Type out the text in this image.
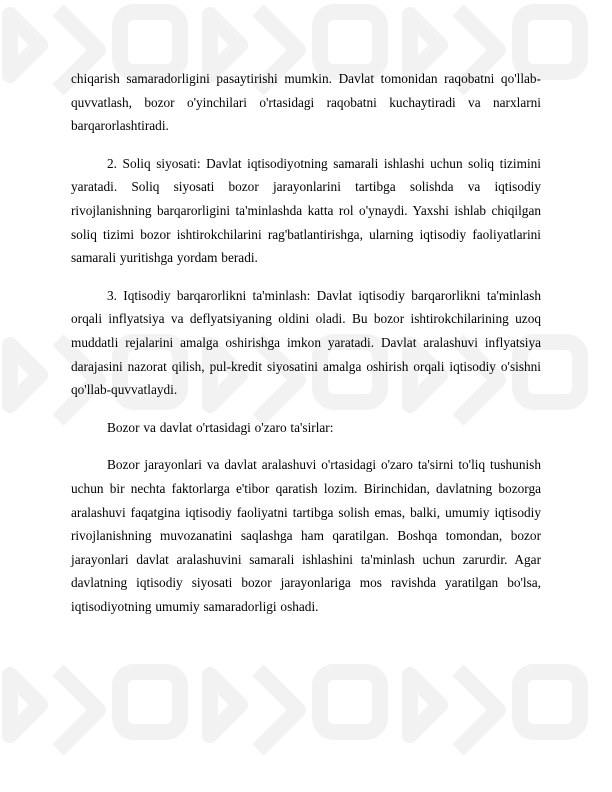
chiqarish samaradorligini pasaytirishi mumkin. Davlat tomonidan raqobatni qo'llab-quvvatlash, bozor o'yinchilari o'rtasidagi raqobatni kuchaytiradi va narxlarni barqarorlashtiradi.

2. Soliq siyosati: Davlat iqtisodiyotning samarali ishlashi uchun soliq tizimini yaratadi. Soliq siyosati bozor jarayonlarini tartibga solishda va iqtisodiy rivojlanishning barqarorligini ta'minlashda katta rol o'ynaydi. Yaxshi ishlab chiqilgan soliq tizimi bozor ishtirokchilarini rag'batlantirishga, ularning iqtisodiy faoliyatlarini samarali yuritishga yordam beradi.

3. Iqtisodiy barqarorlikni ta'minlash: Davlat iqtisodiy barqarorlikni ta'minlash orqali inflyatsiya va deflyatsiyaning oldini oladi. Bu bozor ishtirokchilarining uzoq muddatli rejalarini amalga oshirishga imkon yaratadi. Davlat aralashuvi inflyatsiya darajasini nazorat qilish, pul-kredit siyosatini amalga oshirish orqali iqtisodiy o'sishni qo'llab-quvvatlaydi.

Bozor va davlat o'rtasidagi o'zaro ta'sirlar:

Bozor jarayonlari va davlat aralashuvi o'rtasidagi o'zaro ta'sirni to'liq tushunish uchun bir nechta faktorlarga e'tibor qaratish lozim. Birinchidan, davlatning bozorga aralashuvi faqatgina iqtisodiy faoliyatni tartibga solish emas, balki, umumiy iqtisodiy rivojlanishning muvozanatini saqlashga ham qaratilgan. Boshqa tomondan, bozor jarayonlari davlat aralashuvini samarali ishlashini ta'minlash uchun zarurdir. Agar davlatning iqtisodiy siyosati bozor jarayonlariga mos ravishda yaratilgan bo'lsa, iqtisodiyotning umumiy samaradorligi oshadi.
